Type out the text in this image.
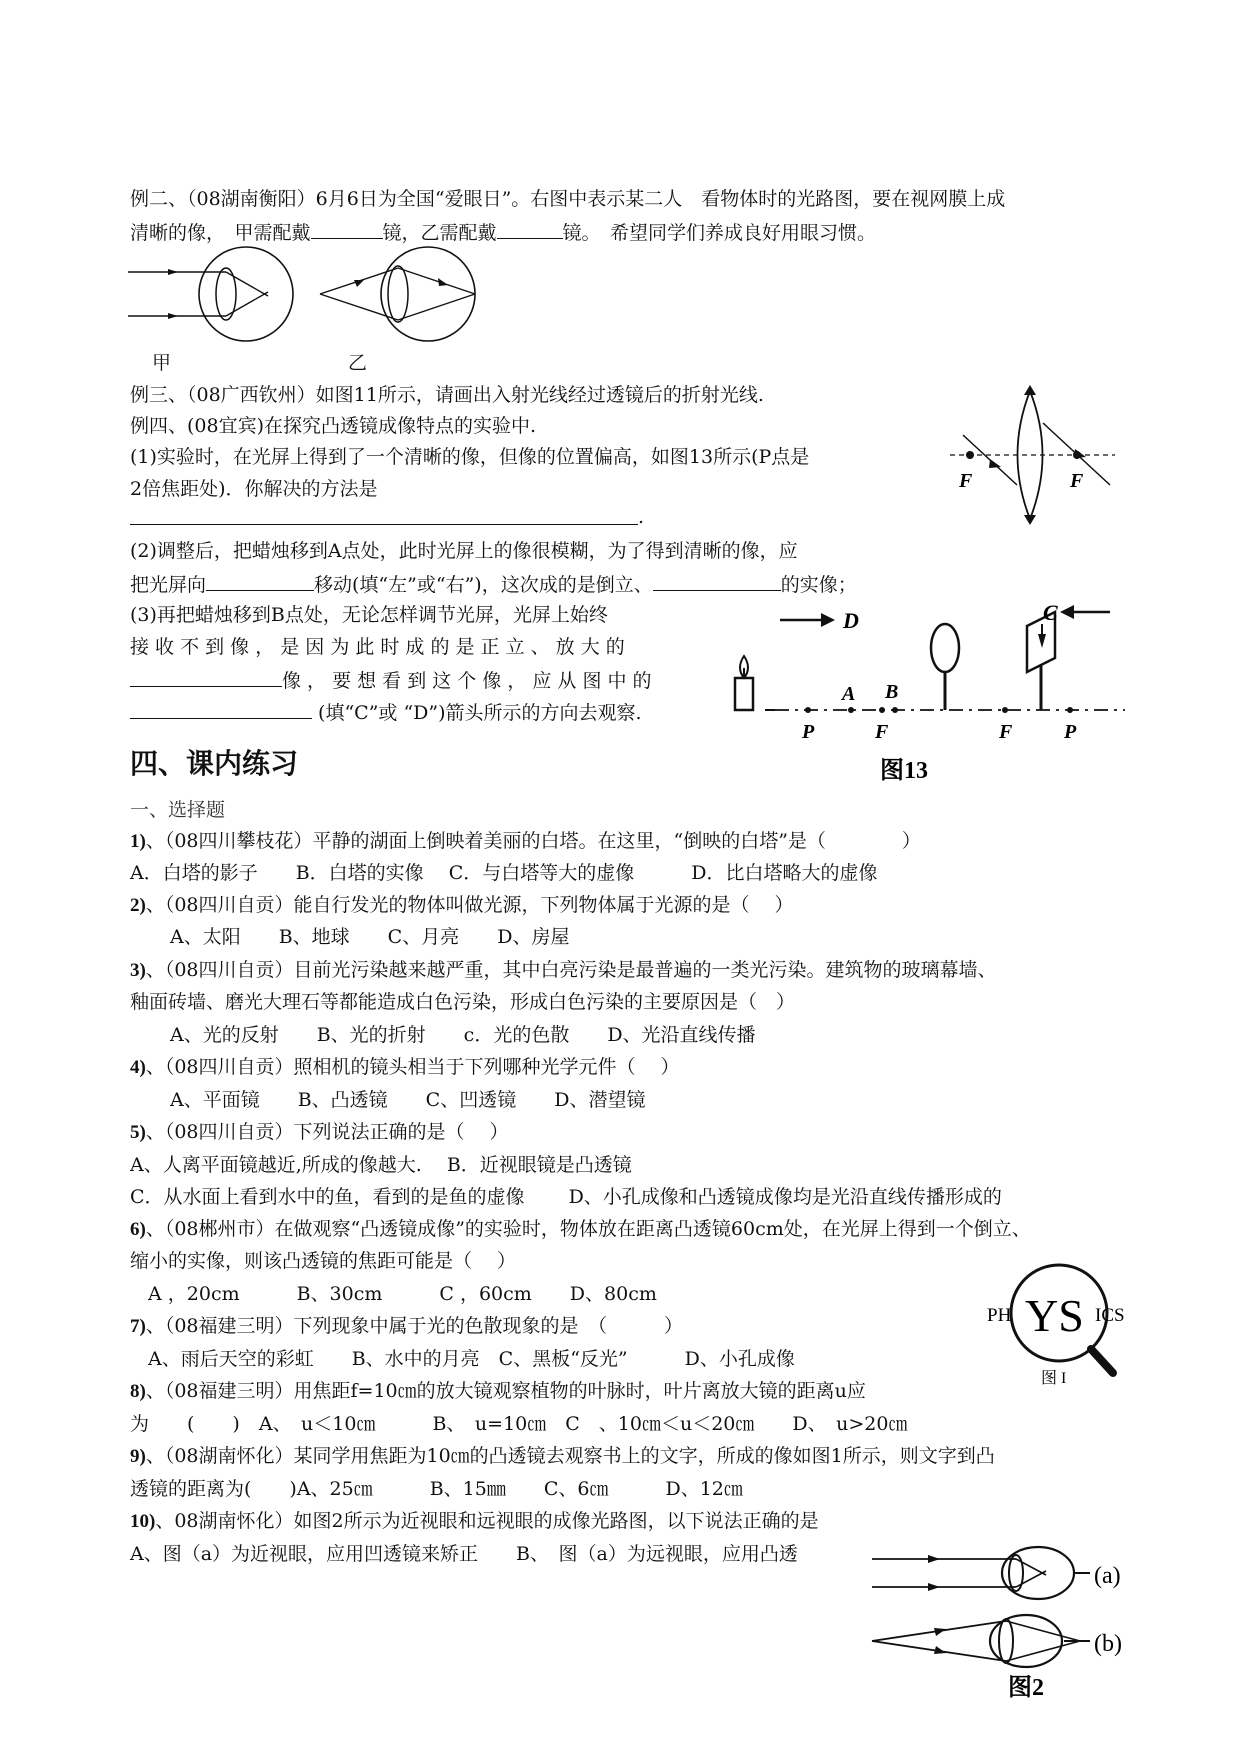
例二、（08湖南衡阳）6月6日为全国“爱眼日”。右图中表示某二人　看物体时的光路图，要在视网膜上成
清晰的像，　甲需配戴	镜，乙需配戴	镜。　希望同学们养成良好用眼习惯。
甲	乙
例三、（08广西钦州）如图11所示，请画出入射光线经过透镜后的折射光线.
例四、(08宜宾)在探究凸透镜成像特点的实验中.
(1)实验时，在光屏上得到了一个清晰的像，但像的位置偏高，如图13所示(P点是
2倍焦距处)．你解决的方法是
.
(2)调整后，把蜡烛移到A点处，此时光屏上的像很模糊，为了得到清晰的像，应
把光屏向	移动(填“左”或“右”)，这次成的是倒立、	的实像；
(3)再把蜡烛移到B点处，无论怎样调节光屏，光屏上始终
接 收 不 到 像 ， 是 因 为 此 时 成 的 是 正 立 、 放 大 的
像 ， 要 想 看 到 这 个 像 ， 应 从 图 中 的
(填“C”或 “D”)箭头所示的方向去观察.
F	F
D	C
A B
P	F	F	P
图13
四、课内练习
一、选择题
1)、（08四川攀枝花）平静的湖面上倒映着美丽的白塔。在这里，“倒映的白塔”是（　　　　）
A．白塔的影子　　B．白塔的实像　 C．与白塔等大的虚像　　　D．比白塔略大的虚像
2)、（08四川自贡）能自行发光的物体叫做光源，下列物体属于光源的是（　 ）
A、太阳　　B、地球　　C、月亮　　D、房屋
3)、（08四川自贡）目前光污染越来越严重，其中白亮污染是最普遍的一类光污染。建筑物的玻璃幕墙、
釉面砖墙、磨光大理石等都能造成白色污染，形成白色污染的主要原因是（　）
A、光的反射　　B、光的折射　　c．光的色散　　D、光沿直线传播
4)、（08四川自贡）照相机的镜头相当于下列哪种光学元件（　 ）
A、平面镜　　B、凸透镜　　C、凹透镜　　D、潜望镜
5)、（08四川自贡）下列说法正确的是（　 ）
A、人离平面镜越近,所成的像越大.　 B．近视眼镜是凸透镜
C．从水面上看到水中的鱼，看到的是鱼的虚像　　 D、小孔成像和凸透镜成像均是光沿直线传播形成的
6)、（08郴州市）在做观察“凸透镜成像”的实验时，物体放在距离凸透镜60cm处，在光屏上得到一个倒立、
缩小的实像，则该凸透镜的焦距可能是（　 ）
A ，20cm　　　B、30cm　　　C ，60cm　　D、80cm
7)、（08福建三明）下列现象中属于光的色散现象的是　（　　　）
A、雨后天空的彩虹　　B、水中的月亮　C、黑板“反光”　　　D、小孔成像
8)、（08福建三明）用焦距f=10㎝的放大镜观察植物的叶脉时，叶片离放大镜的距离u应
为　　(　　)　A、　u＜10㎝　　　B、　u=10㎝　C　、10㎝＜u＜20㎝　　D、　u>20㎝
9)、（08湖南怀化）某同学用焦距为10㎝的凸透镜去观察书上的文字，所成的像如图1所示，则文字到凸
透镜的距离为(　　)A、25㎝　　　B、15㎜　　C、6㎝　　　D、12㎝
10)、08湖南怀化）如图2所示为近视眼和远视眼的成像光路图，以下说法正确的是
A、图（a）为近视眼，应用凹透镜来矫正　　B、　图（a）为远视眼，应用凸透
PH YS ICS
图 I
(a)
(b)
图2
